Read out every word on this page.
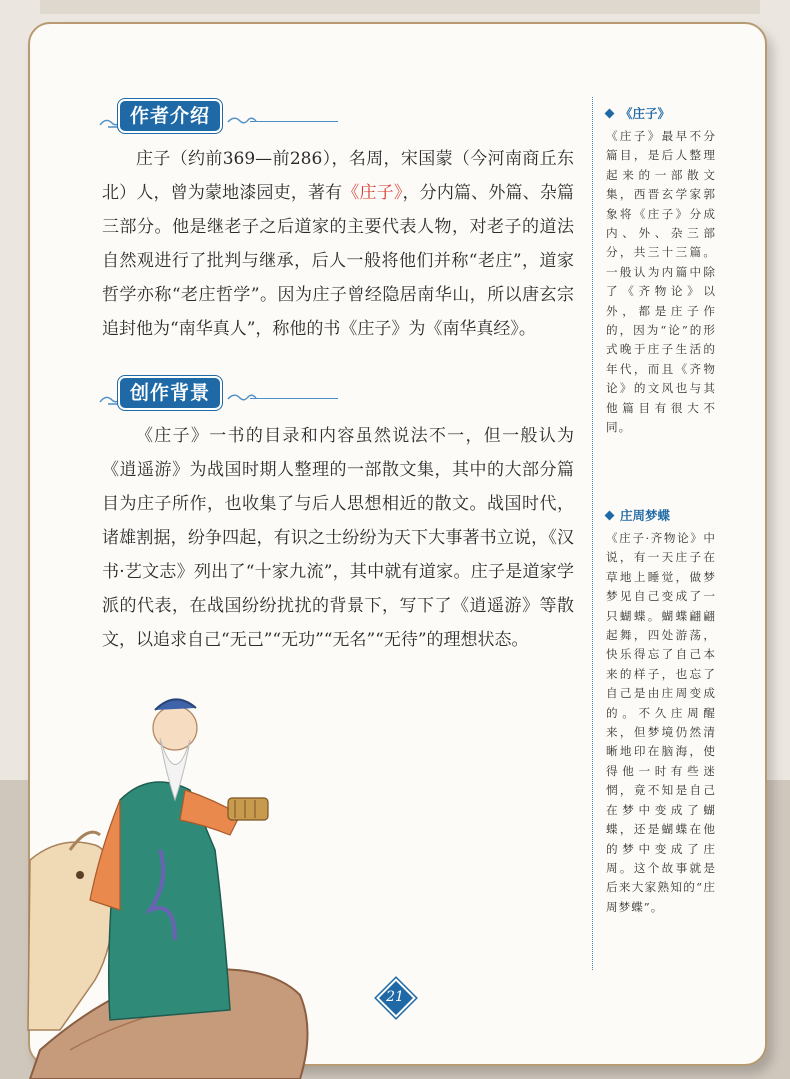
作者介绍

庄子（约前369—前286），名周，宋国蒙（今河南商丘东北）人，曾为蒙地漆园吏，著有《庄子》，分内篇、外篇、杂篇三部分。他是继老子之后道家的主要代表人物，对老子的道法自然观进行了批判与继承，后人一般将他们并称“老庄”，道家哲学亦称“老庄哲学”。因为庄子曾经隐居南华山，所以唐玄宗追封他为“南华真人”，称他的书《庄子》为《南华真经》。

创作背景

《庄子》一书的目录和内容虽然说法不一，但一般认为《逍遥游》为战国时期人整理的一部散文集，其中的大部分篇目为庄子所作，也收集了与后人思想相近的散文。战国时代，诸雄割据，纷争四起，有识之士纷纷为天下大事著书立说，《汉书·艺文志》列出了“十家九流”，其中就有道家。庄子是道家学派的代表，在战国纷纷扰扰的背景下，写下了《逍遥游》等散文，以追求自己“无己”“无功”“无名”“无待”的理想状态。

《庄子》

《庄子》最早不分篇目，是后人整理起来的一部散文集，西晋玄学家郭象将《庄子》分成内、外、杂三部分，共三十三篇。一般认为内篇中除了《齐物论》以外，都是庄子作的，因为“论”的形式晚于庄子生活的年代，而且《齐物论》的文风也与其他篇目有很大不同。

庄周梦蝶

《庄子·齐物论》中说，有一天庄子在草地上睡觉，做梦梦见自己变成了一只蝴蝶。蝴蝶翩翩起舞，四处游荡，快乐得忘了自己本来的样子，也忘了自己是由庄周变成的。不久庄周醒来，但梦境仍然清晰地印在脑海，使得他一时有些迷惘，竟不知是自己在梦中变成了蝴蝶，还是蝴蝶在他的梦中变成了庄周。这个故事就是后来大家熟知的“庄周梦蝶”。

21
